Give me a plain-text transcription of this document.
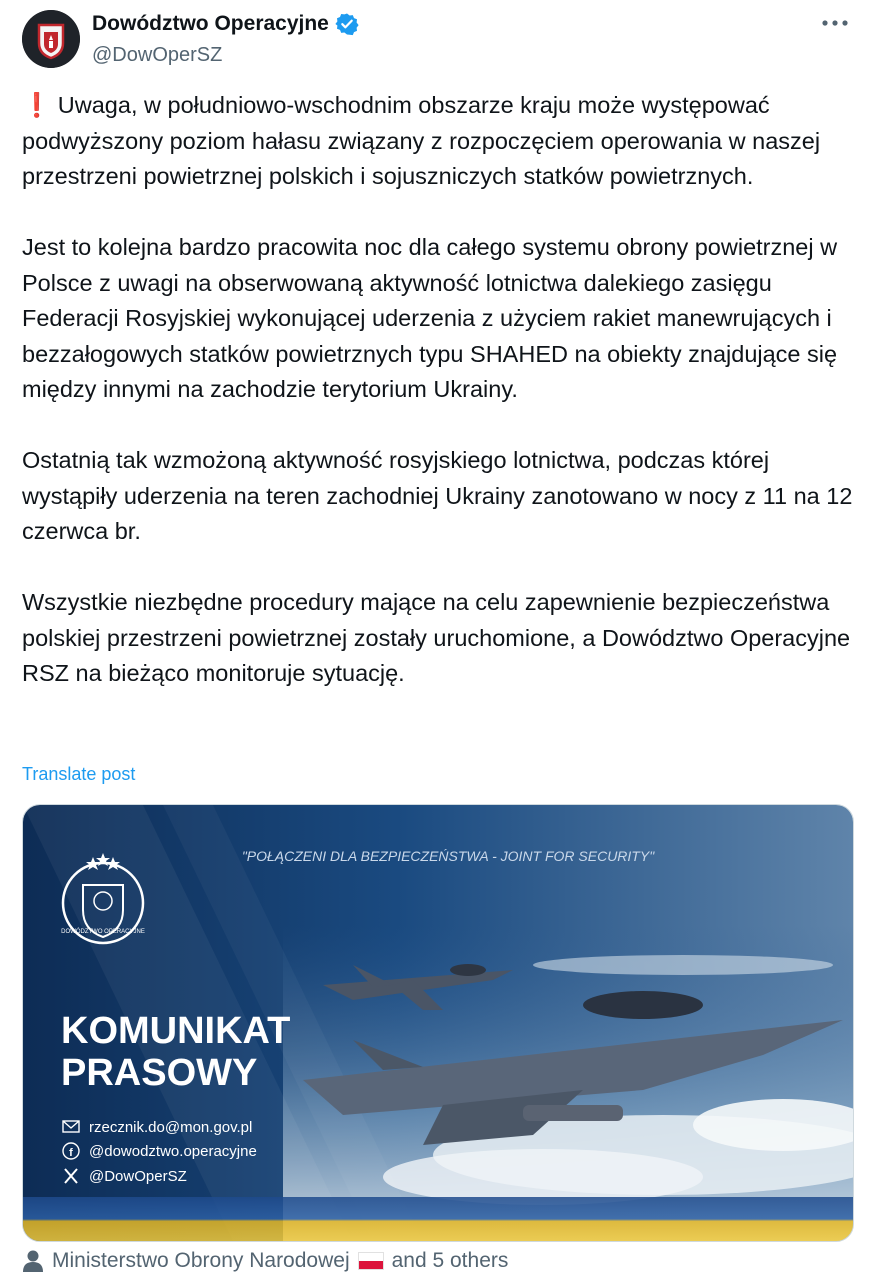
Dowództwo Operacyjne
@DowOperSZ

❗ Uwaga, w południowo-wschodnim obszarze kraju może występować podwyższony poziom hałasu związany z rozpoczęciem operowania w naszej przestrzeni powietrznej polskich i sojuszniczych statków powietrznych.

Jest to kolejna bardzo pracowita noc dla całego systemu obrony powietrznej w Polsce z uwagi na obserwowaną aktywność lotnictwa dalekiego zasięgu Federacji Rosyjskiej wykonującej uderzenia z użyciem rakiet manewrujących i bezzałogowych statków powietrznych typu SHAHED na obiekty znajdujące się między innymi na zachodzie terytorium Ukrainy.

Ostatnią tak wzmożoną aktywność rosyjskiego lotnictwa, podczas której wystąpiły uderzenia na teren zachodniej Ukrainy zanotowano w nocy z 11 na 12 czerwca br.

Wszystkie niezbędne procedury mające na celu zapewnienie bezpieczeństwa polskiej przestrzeni powietrznej zostały uruchomione, a Dowództwo Operacyjne RSZ na bieżąco monitoruje sytuację.

Translate post
DOWÓDZTWO OPERACYJNE
"POŁĄCZENI DLA BEZPIECZEŃSTWA - JOINT FOR SECURITY"
KOMUNIKAT
PRASOWY
rzecznik.do@mon.gov.pl
f @dowodztwo.operacyjne
@DowOperSZ
Ministerstwo Obrony Narodowej and 5 others
